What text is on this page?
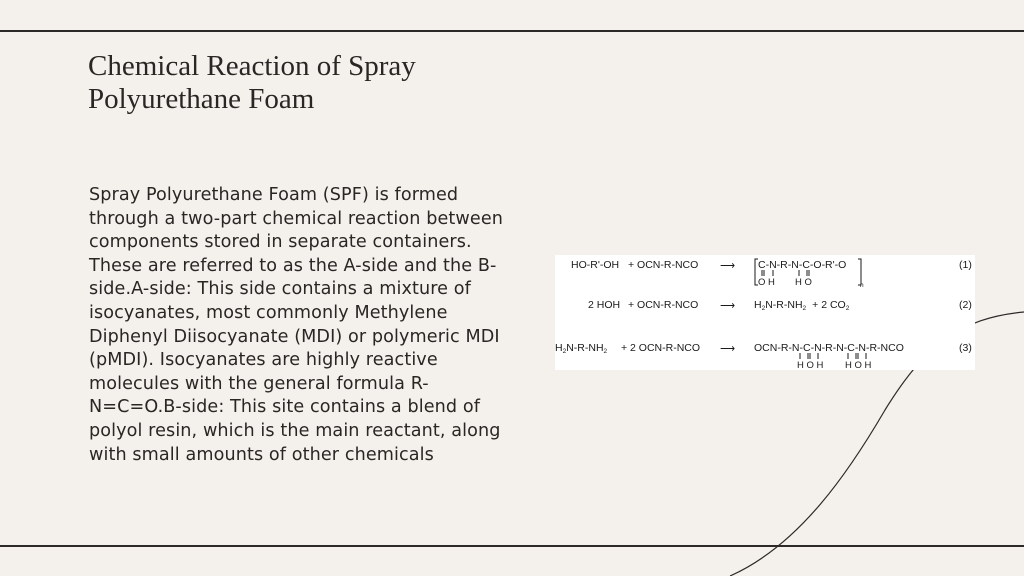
Chemical Reaction of Spray Polyurethane Foam

Spray Polyurethane Foam (SPF) is formed through a two-part chemical reaction between components stored in separate containers. These are referred to as the A-side and the B-side.A-side: This side contains a mixture of isocyanates, most commonly Methylene Diphenyl Diisocyanate (MDI) or polymeric MDI (pMDI). Isocyanates are highly reactive molecules with the general formula R-N=C=O.B-side: This site contains a blend of polyol resin, which is the main reactant, along with small amounts of other chemicals

HO-R'-OH + OCN-R-NCO ⟶ C-N-R-N-C-O-R'-O
O H H O	n
(1)
2 HOH + OCN-R-NCO ⟶ H2N-R-NH2 + 2 CO2	(2)
H2N-R-NH2 + 2 OCN-R-NCO ⟶ OCN-R-N-C-N-R-N-C-N-R-NCO
H O H H O H
(3)
